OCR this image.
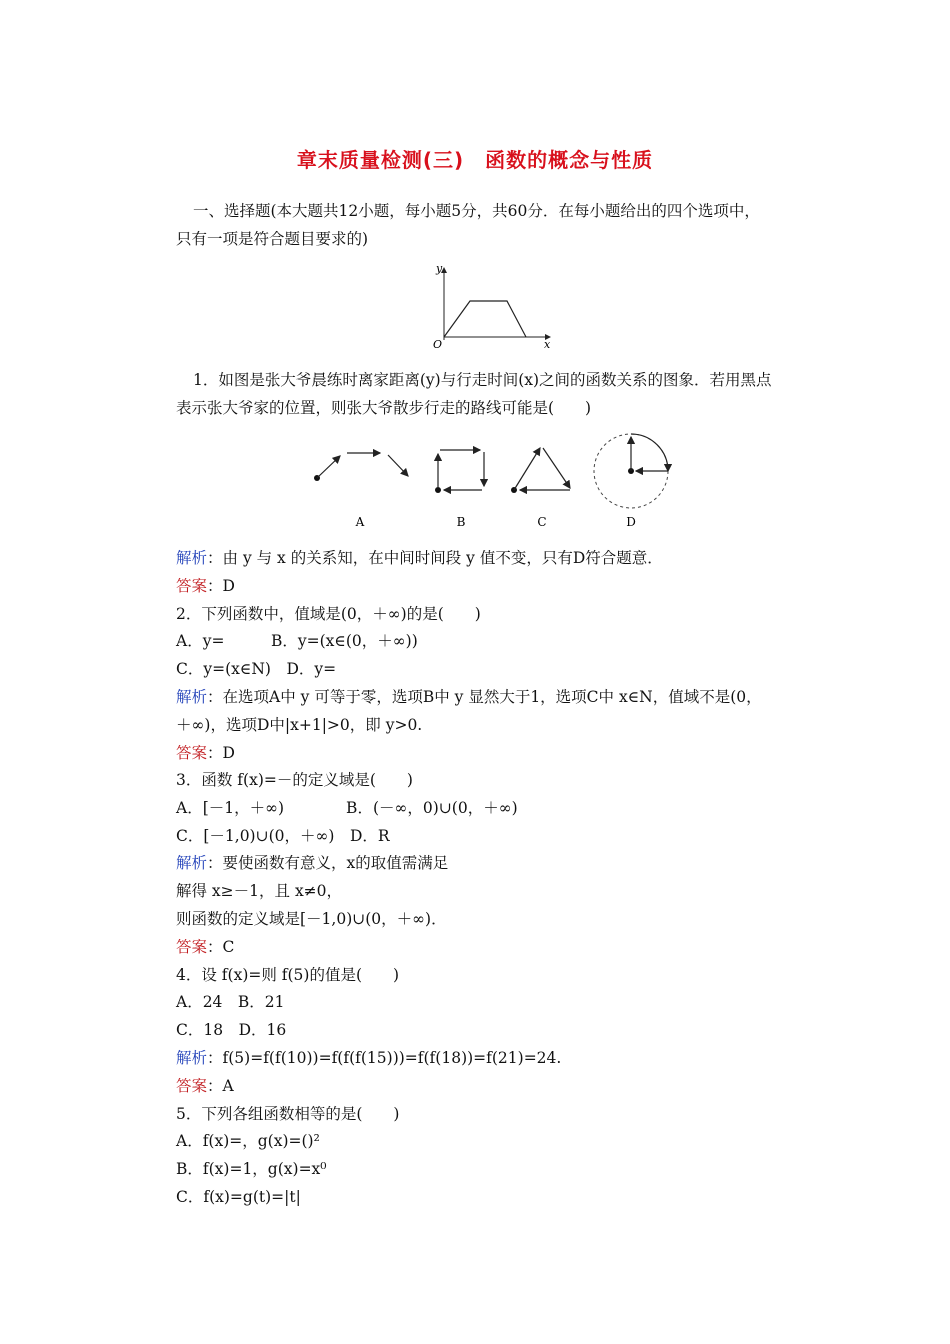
章末质量检测(三)　函数的概念与性质
一、选择题(本大题共12小题，每小题5分，共60分．在每小题给出的四个选项中，
只有一项是符合题目要求的)
y
x
O
1．如图是张大爷晨练时离家距离(y)与行走时间(x)之间的函数关系的图象．若用黑点
表示张大爷家的位置，则张大爷散步行走的路线可能是(　　)
A	B	C	D
解析：由 y 与 x 的关系知，在中间时间段 y 值不变，只有D符合题意．
答案：D
2．下列函数中，值域是(0，＋∞)的是(　　)
A．y=　　　B．y=(x∈(0，＋∞))
C．y=(x∈N)　D．y=
解析：在选项A中 y 可等于零，选项B中 y 显然大于1，选项C中 x∈N，值域不是(0，
＋∞)，选项D中|x+1|>0，即 y>0.
答案：D
3．函数 f(x)=－的定义域是(　　)
A．[－1，＋∞)　　　　B．(－∞，0)∪(0，＋∞)
C．[－1,0)∪(0，＋∞)　D．R
解析：要使函数有意义，x的取值需满足
解得 x≥－1，且 x≠0，
则函数的定义域是[－1,0)∪(0，＋∞)．
答案：C
4．设 f(x)=则 f(5)的值是(　　)
A．24　B．21
C．18　D．16
解析：f(5)=f(f(10))=f(f(f(15)))=f(f(18))=f(21)=24.
答案：A
5．下列各组函数相等的是(　　)
A．f(x)=，g(x)=()²
B．f(x)=1，g(x)=x⁰
C．f(x)=g(t)=|t|
